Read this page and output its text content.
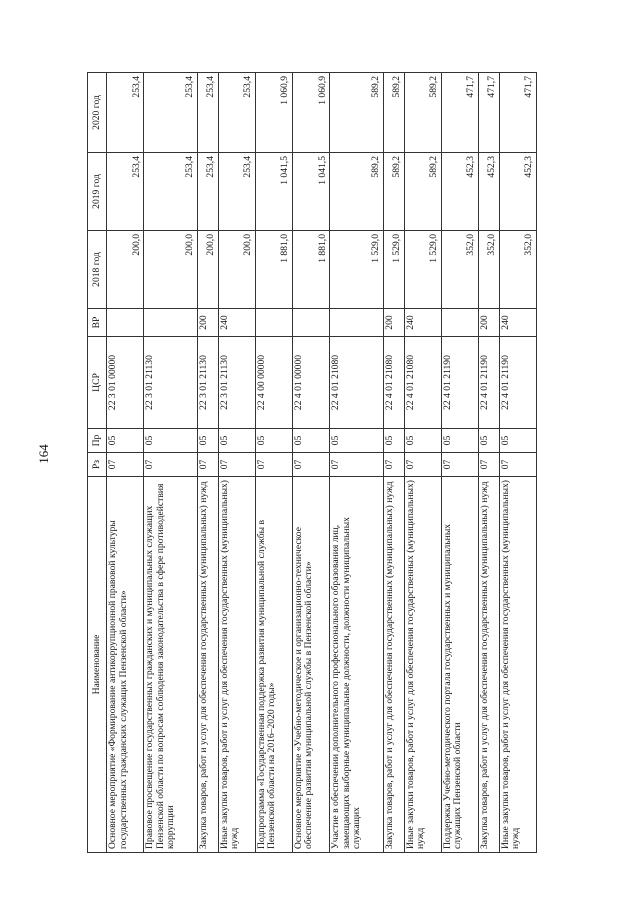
164
Наименование	Рз	Пр	ЦСР	ВР	2018 год	2019 год	2020 год
Основное мероприятие «Формирование антикоррупционной правовой культуры государственных гражданских служащих Пензенской области»	07	05	22 3 01 00000		200,0	253,4	253,4
Правовое просвещение государственных гражданских и муниципальных служащих Пензенской области по вопросам соблюдения законодательства в сфере противодействия коррупции	07	05	22 3 01 21130		200,0	253,4	253,4
Закупка товаров, работ и услуг для обеспечения государственных (муниципальных) нужд	07	05	22 3 01 21130	200	200,0	253,4	253,4
Иные закупки товаров, работ и услуг для обеспечения государственных (муниципальных) нужд	07	05	22 3 01 21130	240	200,0	253,4	253,4
Подпрограмма «Государственная поддержка развития муниципальной службы в Пензенской области на 2016–2020 годы»	07	05	22 4 00 00000		1 881,0	1 041,5	1 060,9
Основное мероприятие «Учебно-методическое и организационно-техническое обеспечение развития муниципальной службы в Пензенской области»	07	05	22 4 01 00000		1 881,0	1 041,5	1 060,9
Участие в обеспечении дополнительного профессионального образования лиц, замещающих выборные муниципальные должности, должности муниципальных служащих	07	05	22 4 01 21080		1 529,0	589,2	589,2
Закупка товаров, работ и услуг для обеспечения государственных (муниципальных) нужд	07	05	22 4 01 21080	200	1 529,0	589,2	589,2
Иные закупки товаров, работ и услуг для обеспечения государственных (муниципальных) нужд	07	05	22 4 01 21080	240	1 529,0	589,2	589,2
Поддержка Учебно-методического портала государственных и муниципальных служащих Пензенской области	07	05	22 4 01 21190		352,0	452,3	471,7
Закупка товаров, работ и услуг для обеспечения государственных (муниципальных) нужд	07	05	22 4 01 21190	200	352,0	452,3	471,7
Иные закупки товаров, работ и услуг для обеспечения государственных (муниципальных) нужд	07	05	22 4 01 21190	240	352,0	452,3	471,7
